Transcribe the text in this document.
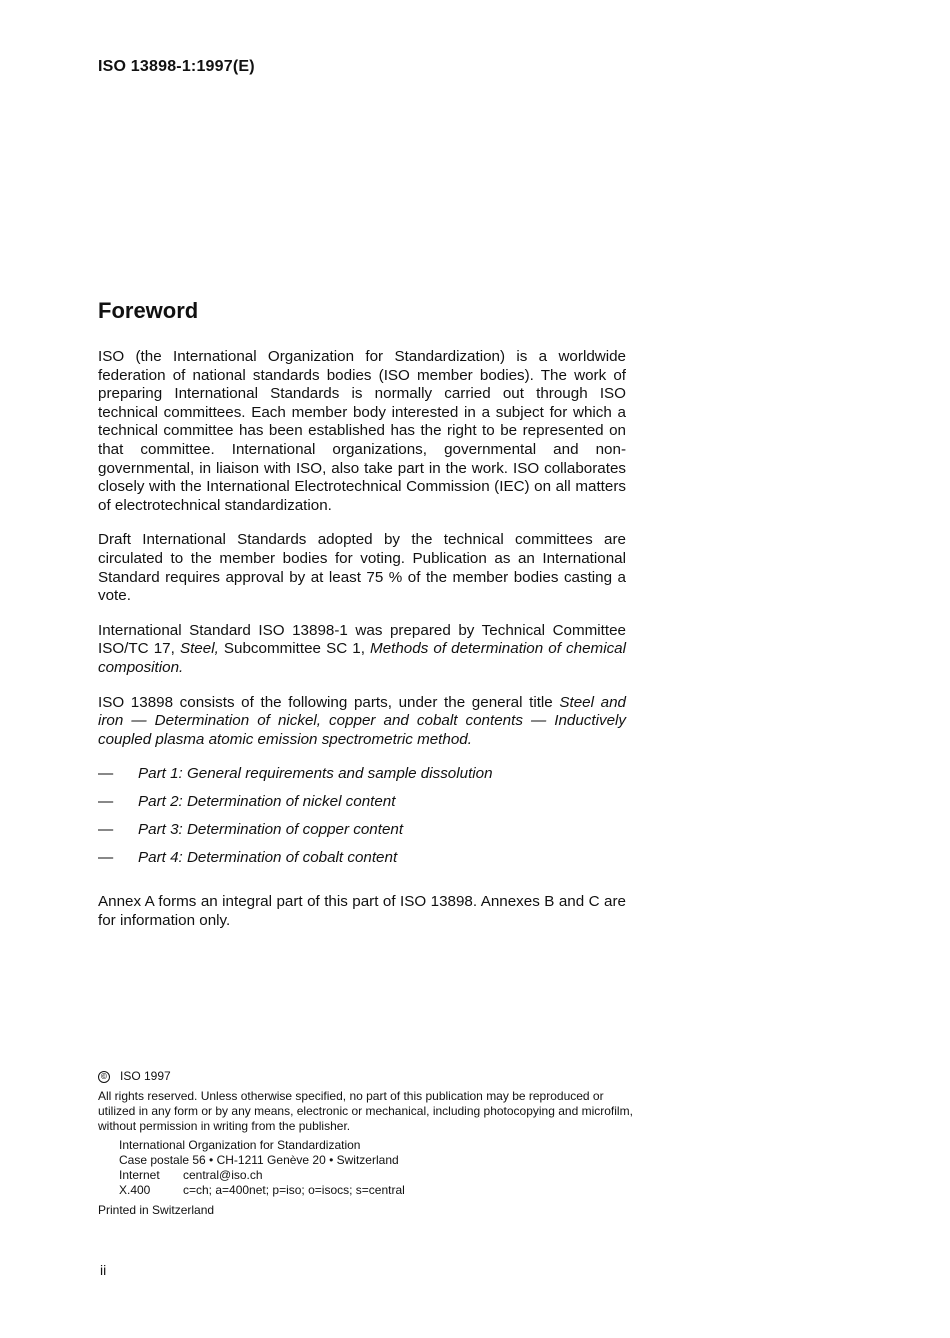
ISO 13898-1:1997(E)
Foreword

ISO (the International Organization for Standardization) is a worldwide federation of national standards bodies (ISO member bodies). The work of preparing International Standards is normally carried out through ISO technical committees. Each member body interested in a subject for which a technical committee has been established has the right to be represented on that committee. International organizations, governmental and non-governmental, in liaison with ISO, also take part in the work. ISO collaborates closely with the International Electrotechnical Commission (IEC) on all matters of electrotechnical standardization.

Draft International Standards adopted by the technical committees are circulated to the member bodies for voting. Publication as an International Standard requires approval by at least 75 % of the member bodies casting a vote.

International Standard ISO 13898-1 was prepared by Technical Committee ISO/TC 17, Steel, Subcommittee SC 1, Methods of determination of chemical composition.

ISO 13898 consists of the following parts, under the general title Steel and iron — Determination of nickel, copper and cobalt contents — Inductively coupled plasma atomic emission spectrometric method.

—	Part 1: General requirements and sample dissolution
—	Part 2: Determination of nickel content
—	Part 3: Determination of copper content
—	Part 4: Determination of cobalt content

Annex A forms an integral part of this part of ISO 13898. Annexes B and C are for information only.

© ISO 1997
All rights reserved. Unless otherwise specified, no part of this publication may be reproduced or utilized in any form or by any means, electronic or mechanical, including photocopying and microfilm, without permission in writing from the publisher.
International Organization for Standardization
Case postale 56 • CH-1211 Genève 20 • Switzerland
Internet	central@iso.ch
X.400	c=ch; a=400net; p=iso; o=isocs; s=central
Printed in Switzerland
ii
